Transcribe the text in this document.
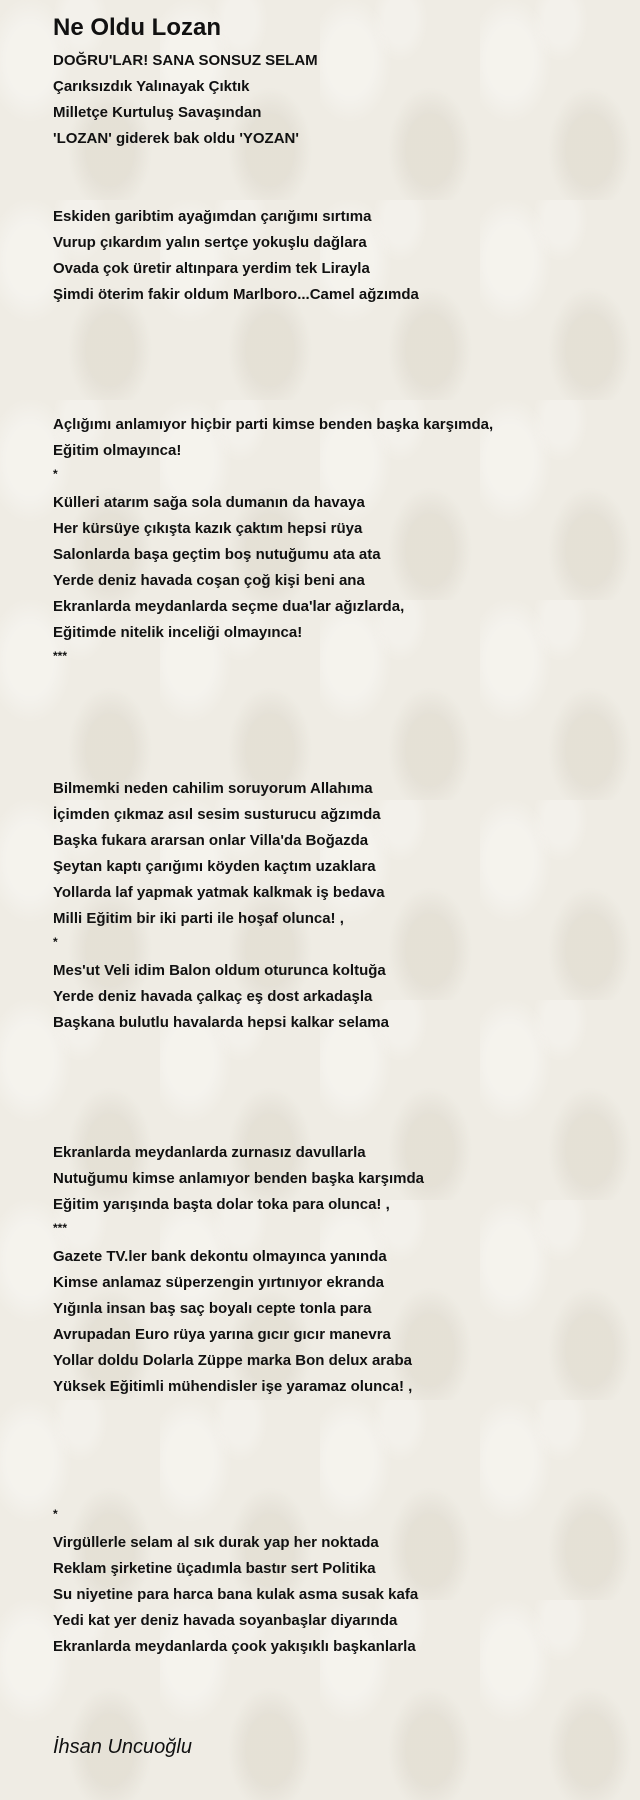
Ne Oldu Lozan
DOĞRU'LAR! SANA SONSUZ SELAM
Çarıksızdık Yalınayak Çıktık
Milletçe Kurtuluş Savaşından
'LOZAN' giderek bak oldu 'YOZAN'
Eskiden garibtim ayağımdan çarığımı sırtıma
Vurup çıkardım yalın sertçe yokuşlu dağlara
Ovada çok üretir altınpara yerdim tek Lirayla
Şimdi öterim fakir oldum Marlboro...Camel ağzımda
Açlığımı anlamıyor hiçbir parti kimse benden başka karşımda,
Eğitim olmayınca!
*
Külleri atarım sağa sola dumanın da havaya
Her kürsüye çıkışta kazık çaktım hepsi rüya
Salonlarda başa geçtim boş nutuğumu ata ata
Yerde deniz havada coşan çoğ kişi beni ana
Ekranlarda meydanlarda seçme dua'lar ağızlarda,
Eğitimde nitelik inceliği olmayınca!
***
Bilmemki neden cahilim soruyorum Allahıma
İçimden çıkmaz asıl sesim susturucu ağzımda
Başka fukara ararsan onlar Villa'da Boğazda
Şeytan kaptı çarığımı köyden kaçtım uzaklara
Yollarda laf yapmak yatmak kalkmak iş bedava
Milli Eğitim bir iki parti ile hoşaf olunca! ,
*
Mes'ut Veli idim Balon oldum oturunca koltuğa
Yerde deniz havada çalkaç eş dost arkadaşla
Başkana bulutlu havalarda hepsi kalkar selama
Ekranlarda meydanlarda zurnasız davullarla
Nutuğumu kimse anlamıyor benden başka karşımda
Eğitim yarışında başta dolar toka para olunca! ,
***
Gazete TV.ler bank dekontu olmayınca yanında
Kimse anlamaz süperzengin yırtınıyor ekranda
Yığınla insan baş saç boyalı cepte tonla para
Avrupadan Euro rüya yarına gıcır gıcır manevra
Yollar doldu Dolarla Züppe marka Bon delux araba
Yüksek Eğitimli mühendisler işe yaramaz olunca! ,
*
Virgüllerle selam al sık durak yap her noktada
Reklam şirketine üçadımla bastır sert Politika
Su niyetine para harca bana kulak asma susak kafa
Yedi kat yer deniz havada soyanbaşlar diyarında
Ekranlarda meydanlarda çook yakışıklı başkanlarla
İhsan Uncuoğlu
